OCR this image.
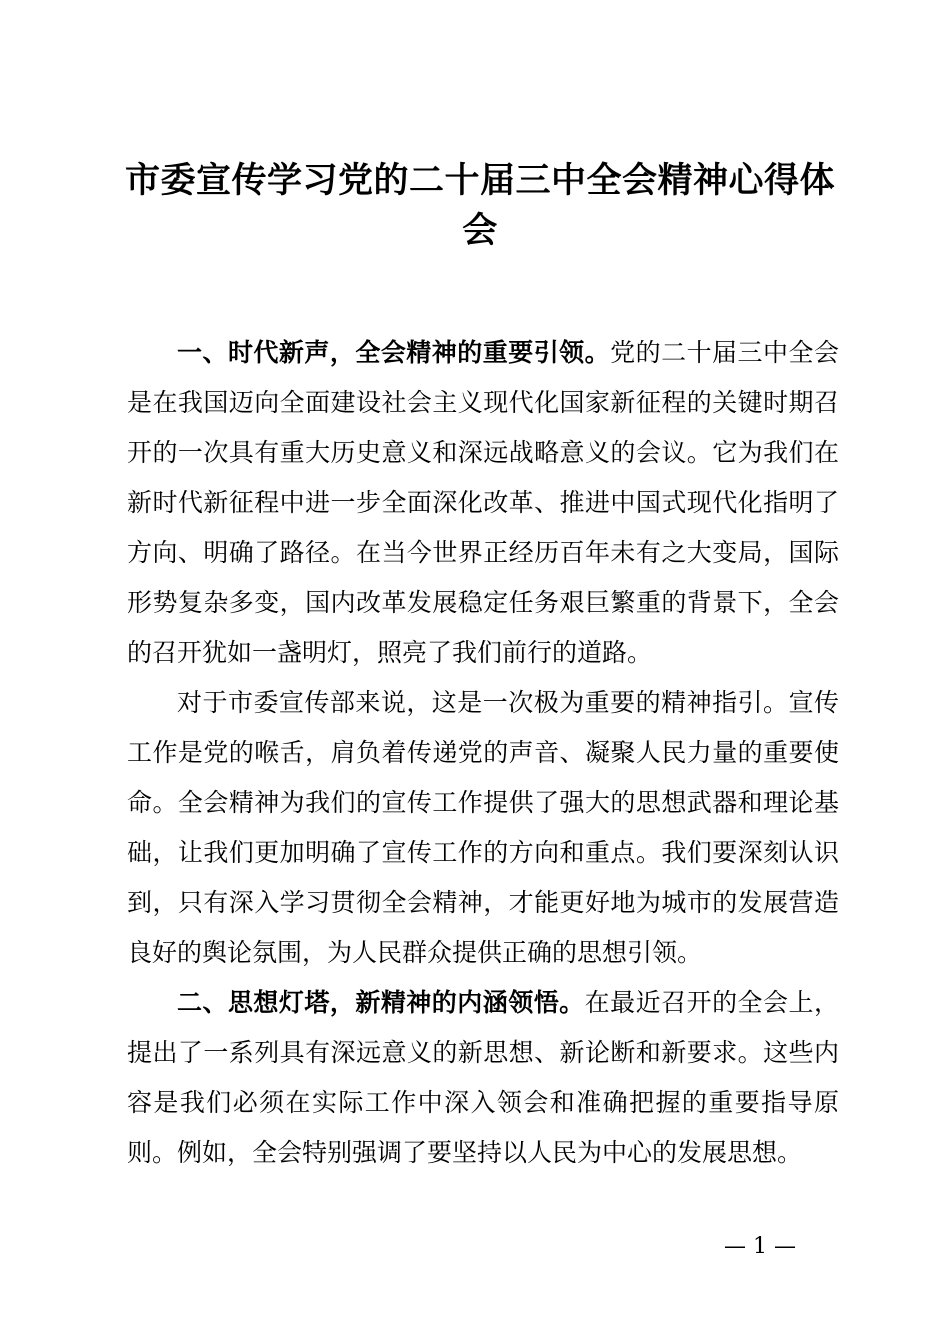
市委宣传学习党的二十届三中全会精神心得体会

一、时代新声，全会精神的重要引领。党的二十届三中全会是在我国迈向全面建设社会主义现代化国家新征程的关键时期召开的一次具有重大历史意义和深远战略意义的会议。它为我们在新时代新征程中进一步全面深化改革、推进中国式现代化指明了方向、明确了路径。在当今世界正经历百年未有之大变局，国际形势复杂多变，国内改革发展稳定任务艰巨繁重的背景下，全会的召开犹如一盏明灯，照亮了我们前行的道路。

对于市委宣传部来说，这是一次极为重要的精神指引。宣传工作是党的喉舌，肩负着传递党的声音、凝聚人民力量的重要使命。全会精神为我们的宣传工作提供了强大的思想武器和理论基础，让我们更加明确了宣传工作的方向和重点。我们要深刻认识到，只有深入学习贯彻全会精神，才能更好地为城市的发展营造良好的舆论氛围，为人民群众提供正确的思想引领。

二、思想灯塔，新精神的内涵领悟。在最近召开的全会上，提出了一系列具有深远意义的新思想、新论断和新要求。这些内容是我们必须在实际工作中深入领会和准确把握的重要指导原则。例如，全会特别强调了要坚持以人民为中心的发展思想。

— 1 —
